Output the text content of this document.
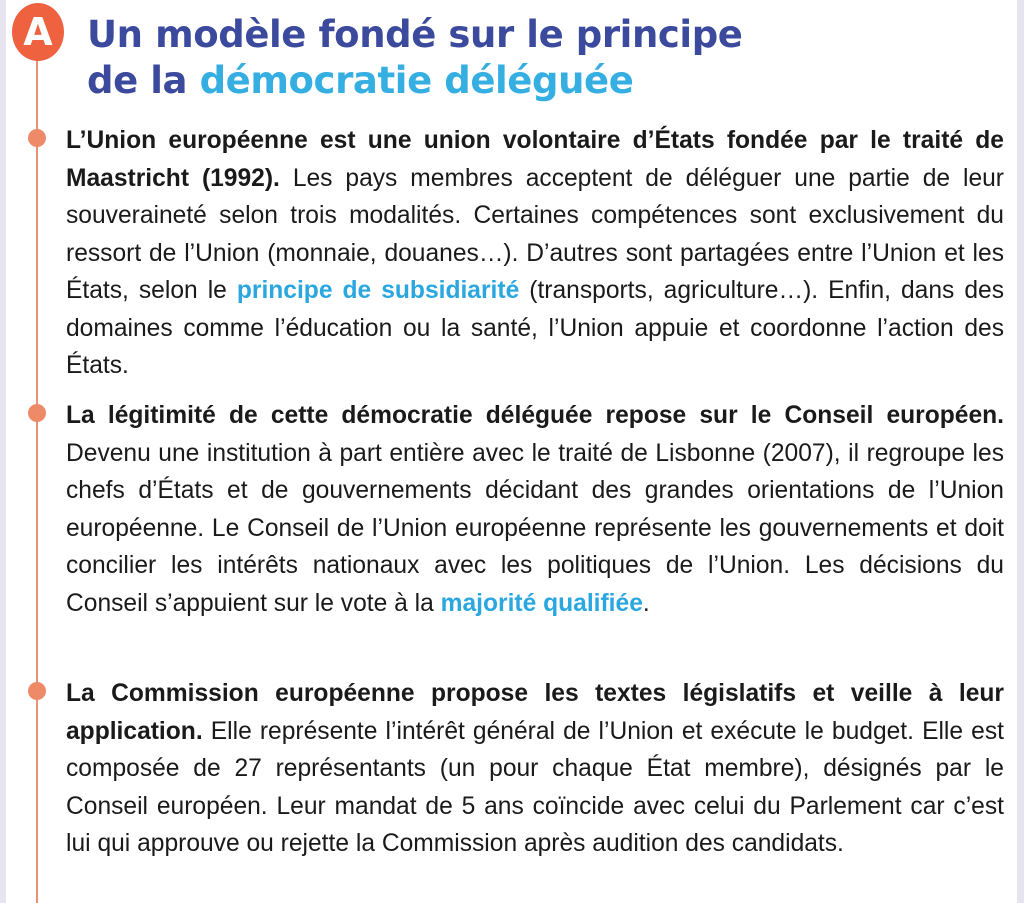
A Un modèle fondé sur le principe
de la démocratie déléguée

L’Union européenne est une union volontaire d’États fondée par le traité de Maastricht (1992). Les pays membres acceptent de déléguer une partie de leur souveraineté selon trois modalités. Certaines compétences sont exclusivement du ressort de l’Union (monnaie, douanes…). D’autres sont partagées entre l’Union et les États, selon le principe de subsidiarité (transports, agriculture…). Enfin, dans des domaines comme l’éducation ou la santé, l’Union appuie et coordonne l’action des États.

La légitimité de cette démocratie déléguée repose sur le Conseil européen. Devenu une institution à part entière avec le traité de Lisbonne (2007), il regroupe les chefs d’États et de gouvernements décidant des grandes orientations de l’Union européenne. Le Conseil de l’Union européenne représente les gouvernements et doit concilier les intérêts nationaux avec les politiques de l’Union. Les décisions du Conseil s’appuient sur le vote à la majorité qualifiée.

La Commission européenne propose les textes législatifs et veille à leur application. Elle représente l’intérêt général de l’Union et exécute le budget. Elle est composée de 27 représentants (un pour chaque État membre), désignés par le Conseil européen. Leur mandat de 5 ans coïncide avec celui du Parlement car c’est lui qui approuve ou rejette la Commission après audition des candidats.
